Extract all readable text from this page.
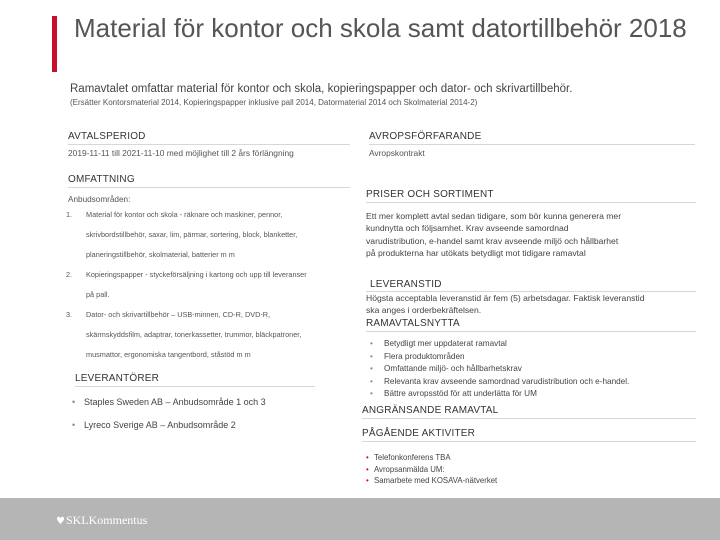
Material för kontor och skola samt datortillbehör 2018
Ramavtalet omfattar material för kontor och skola, kopieringspapper och dator- och skrivartillbehör.
(Ersätter Kontorsmaterial 2014, Kopieringspapper inklusive pall 2014, Datormaterial 2014 och Skolmaterial 2014-2)
AVTALSPERIOD
2019-11-11 till 2021-11-10 med möjlighet till 2 års förlängning
AVROPSFÖRFARANDE
Avropskontrakt
OMFATTNING
Anbudsområden:
1. Material för kontor och skola - räknare och maskiner, pennor,
skrivbordstillbehör, saxar, lim, pärmar, sortering, block, blanketter,
planeringstillbehör, skolmaterial, batterier m m
2. Kopieringspapper - styckeförsäljning i kartong och upp till leveranser
på pall.
3. Dator- och skrivartillbehör – USB-minnen, CD-R, DVD-R,
skärmskyddsfilm, adaptrar, tonerkassetter, trummor, bläckpatroner,
musmattor, ergonomiska tangentbord, ståstöd m m
LEVERANTÖRER
• Staples Sweden AB – Anbudsområde 1 och 3
• Lyreco Sverige AB – Anbudsområde 2
PRISER OCH SORTIMENT
Ett mer komplett avtal sedan tidigare, som bör kunna generera mer
kundnytta och följsamhet. Krav avseende samordnad
varudistribution, e-handel samt krav avseende miljö och hållbarhet
på produkterna har utökats betydligt mot tidigare ramavtal
LEVERANSTID
Högsta acceptabla leveranstid är fem (5) arbetsdagar. Faktisk leveranstid
ska anges i orderbekräftelsen.
RAMAVTALSNYTTA
• Betydligt mer uppdaterat ramavtal
• Flera produktområden
• Omfattande miljö- och hållbarhetskrav
• Relevanta krav avseende samordnad varudistribution och e-handel.
• Bättre avropsstöd för att underlätta för UM
ANGRÄNSANDE RAMAVTAL
PÅGÅENDE AKTIVITER
• Telefonkonferens TBA
• Avropsanmälda UM:
• Samarbete med KOSAVA-nätverket
♥SKLKommentus
